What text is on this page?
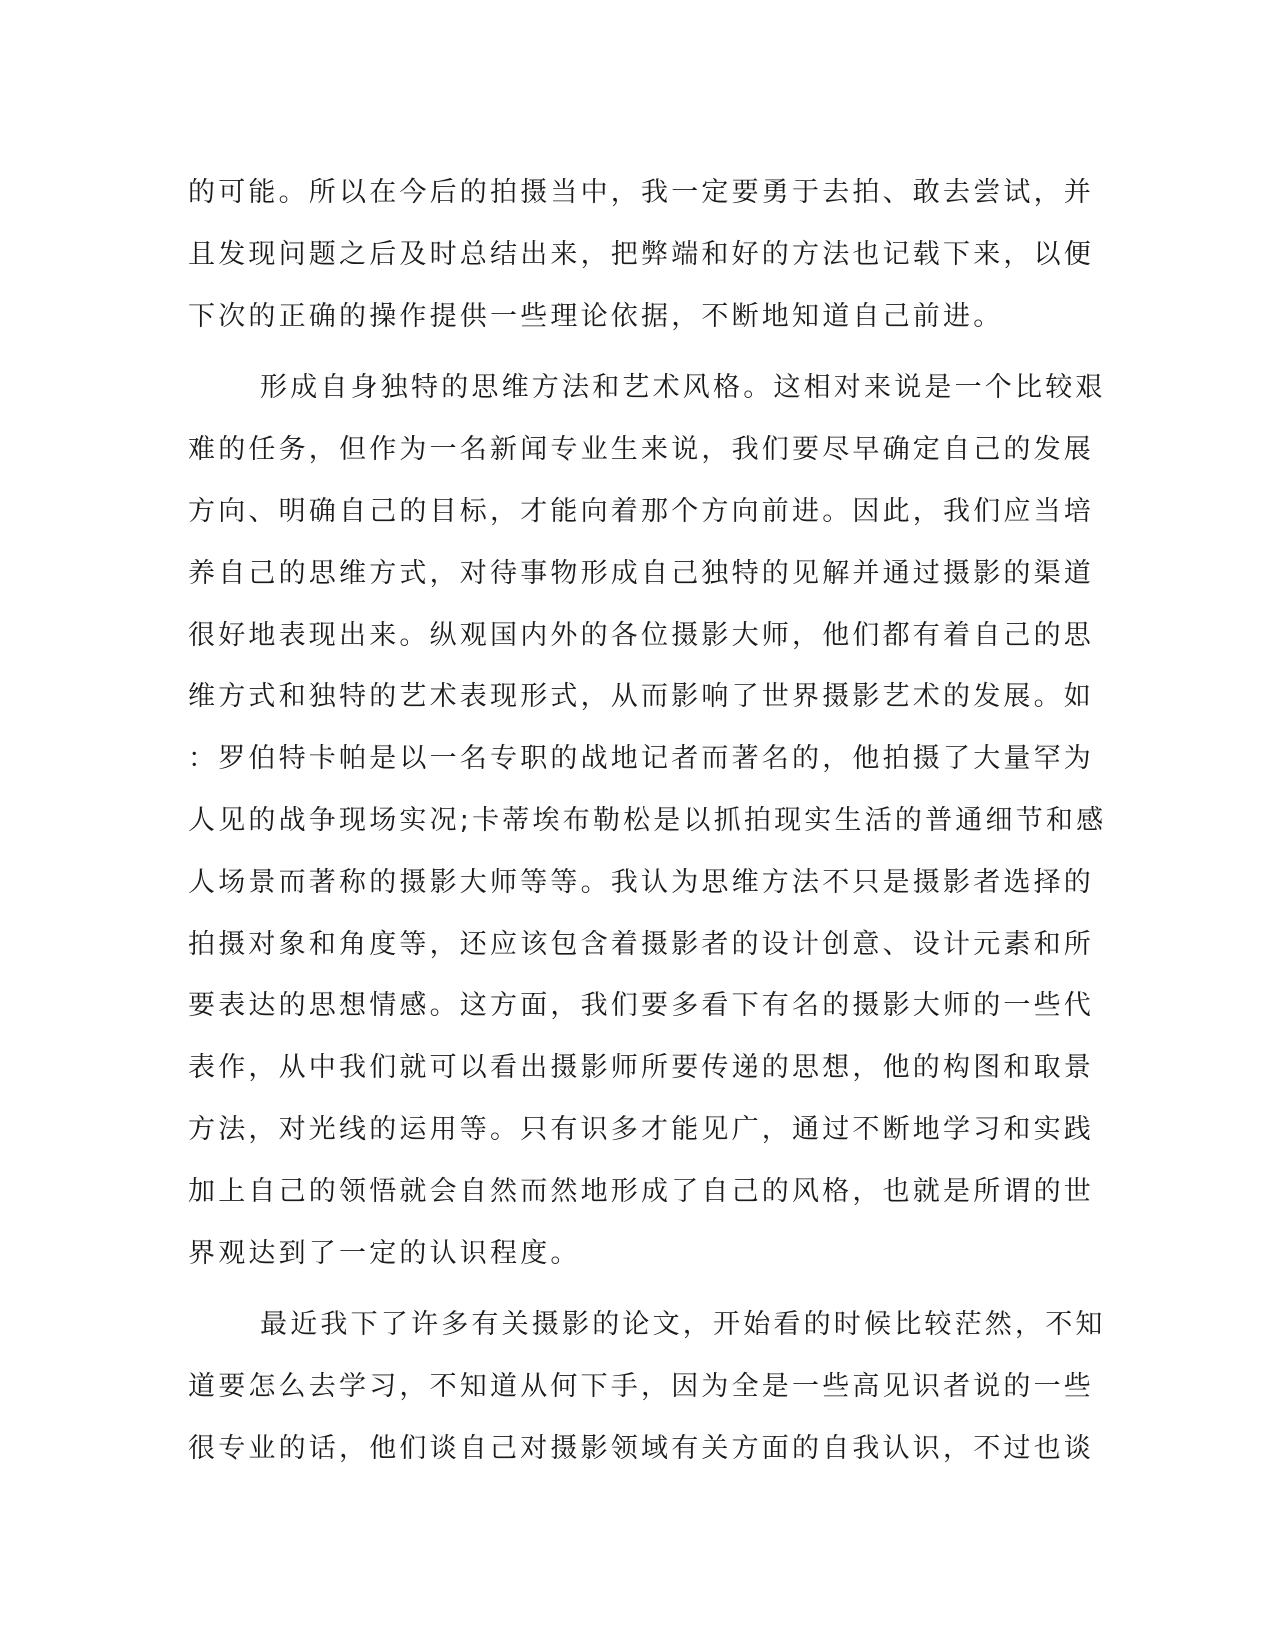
的可能。所以在今后的拍摄当中，我一定要勇于去拍、敢去尝试，并
且发现问题之后及时总结出来，把弊端和好的方法也记载下来，以便
下次的正确的操作提供一些理论依据，不断地知道自己前进。
形成自身独特的思维方法和艺术风格。这相对来说是一个比较艰
难的任务，但作为一名新闻专业生来说，我们要尽早确定自己的发展
方向、明确自己的目标，才能向着那个方向前进。因此，我们应当培
养自己的思维方式，对待事物形成自己独特的见解并通过摄影的渠道
很好地表现出来。纵观国内外的各位摄影大师，他们都有着自己的思
维方式和独特的艺术表现形式，从而影响了世界摄影艺术的发展。如
：罗伯特卡帕是以一名专职的战地记者而著名的，他拍摄了大量罕为
人见的战争现场实况;卡蒂埃布勒松是以抓拍现实生活的普通细节和感
人场景而著称的摄影大师等等。我认为思维方法不只是摄影者选择的
拍摄对象和角度等，还应该包含着摄影者的设计创意、设计元素和所
要表达的思想情感。这方面，我们要多看下有名的摄影大师的一些代
表作，从中我们就可以看出摄影师所要传递的思想，他的构图和取景
方法，对光线的运用等。只有识多才能见广，通过不断地学习和实践
加上自己的领悟就会自然而然地形成了自己的风格，也就是所谓的世
界观达到了一定的认识程度。
最近我下了许多有关摄影的论文，开始看的时候比较茫然，不知
道要怎么去学习，不知道从何下手，因为全是一些高见识者说的一些
很专业的话，他们谈自己对摄影领域有关方面的自我认识，不过也谈
